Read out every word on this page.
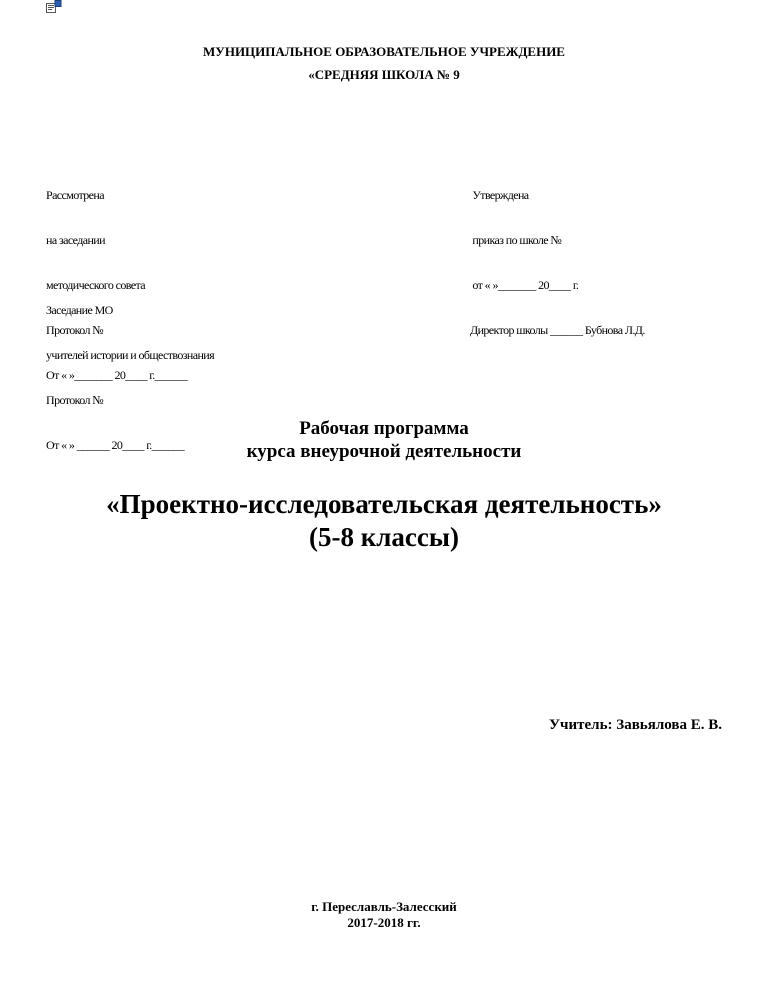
МУНИЦИПАЛЬНОЕ ОБРАЗОВАТЕЛЬНОЕ УЧРЕЖДЕНИЕ
«СРЕДНЯЯ ШКОЛА № 9

Рассмотрена

на заседании

методического совета

Протокол №

От « »_______ 20____ г.______

Утверждена

приказ по школе №

от « »_______ 20____ г.

Директор школы ______ Бубнова Л.Д.

Заседание МО

учителей истории и обществознания

Протокол №

От « » ______ 20____ г.______

Рабочая программа
курса внеурочной деятельности
«Проектно-исследовательская деятельность»
(5-8 классы)
Учитель: Завьялова Е. В.
г. Переславль-Залесский
2017-2018 гг.
